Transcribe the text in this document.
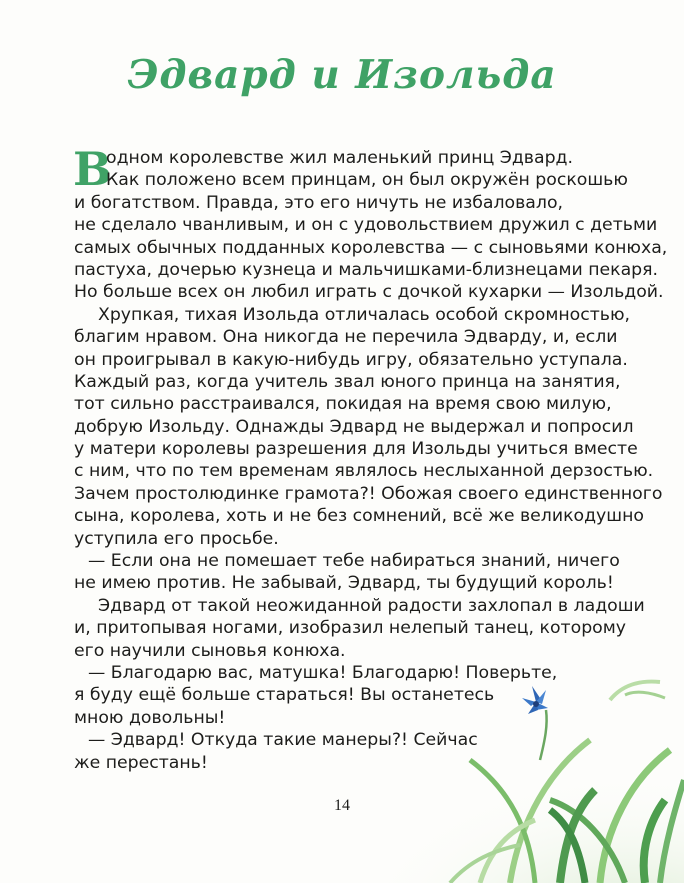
Эдвард и Изольда
В
одном королевстве жил маленький принц Эдвард.
Как положено всем принцам, он был окружён роскошью
и богатством. Правда, это его ничуть не избаловало,
не сделало чванливым, и он с удовольствием дружил с детьми
самых обычных подданных королевства — с сыновьями конюха,
пастуха, дочерью кузнеца и мальчишками-близнецами пекаря.
Но больше всех он любил играть с дочкой кухарки — Изольдой.
Хрупкая, тихая Изольда отличалась особой скромностью,
благим нравом. Она никогда не перечила Эдварду, и, если
он проигрывал в какую-нибудь игру, обязательно уступала.
Каждый раз, когда учитель звал юного принца на занятия,
тот сильно расстраивался, покидая на время свою милую,
добрую Изольду. Однажды Эдвард не выдержал и попросил
у матери королевы разрешения для Изольды учиться вместе
с ним, что по тем временам являлось неслыханной дерзостью.
Зачем простолюдинке грамота?! Обожая своего единственного
сына, королева, хоть и не без сомнений, всё же великодушно
уступила его просьбе.
— Если она не помешает тебе набираться знаний, ничего
не имею против. Не забывай, Эдвард, ты будущий король!
Эдвард от такой неожиданной радости захлопал в ладоши
и, притопывая ногами, изобразил нелепый танец, которому
его научили сыновья конюха.
— Благодарю вас, матушка! Благодарю! Поверьте,
я буду ещё больше стараться! Вы останетесь
мною довольны!
— Эдвард! Откуда такие манеры?! Сейчас
же перестань!
14
